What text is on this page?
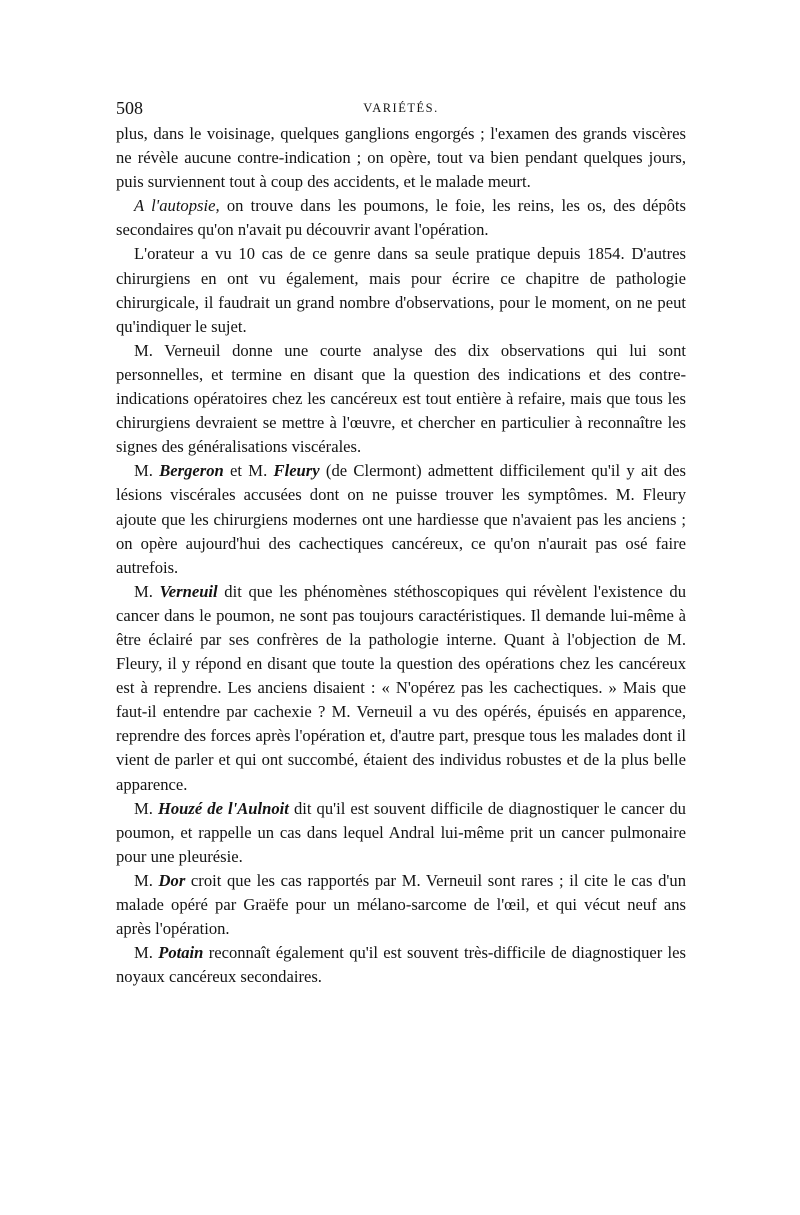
508	VARIÉTÉS.

plus, dans le voisinage, quelques ganglions engorgés ; l'examen des grands viscères ne révèle aucune contre-indication ; on opère, tout va bien pendant quelques jours, puis surviennent tout à coup des accidents, et le malade meurt.

A l'autopsie, on trouve dans les poumons, le foie, les reins, les os, des dépôts secondaires qu'on n'avait pu découvrir avant l'opération.

L'orateur a vu 10 cas de ce genre dans sa seule pratique depuis 1854. D'autres chirurgiens en ont vu également, mais pour écrire ce chapitre de pathologie chirurgicale, il faudrait un grand nombre d'observations, pour le moment, on ne peut qu'indiquer le sujet.

M. Verneuil donne une courte analyse des dix observations qui lui sont personnelles, et termine en disant que la question des indications et des contre-indications opératoires chez les cancéreux est tout entière à refaire, mais que tous les chirurgiens devraient se mettre à l'œuvre, et chercher en particulier à reconnaître les signes des généralisations viscérales.

M. Bergeron et M. Fleury (de Clermont) admettent difficilement qu'il y ait des lésions viscérales accusées dont on ne puisse trouver les symptômes. M. Fleury ajoute que les chirurgiens modernes ont une hardiesse que n'avaient pas les anciens ; on opère aujourd'hui des cachectiques cancéreux, ce qu'on n'aurait pas osé faire autrefois.

M. Verneuil dit que les phénomènes stéthoscopiques qui révèlent l'existence du cancer dans le poumon, ne sont pas toujours caractéristiques. Il demande lui-même à être éclairé par ses confrères de la pathologie interne. Quant à l'objection de M. Fleury, il y répond en disant que toute la question des opérations chez les cancéreux est à reprendre. Les anciens disaient : « N'opérez pas les cachectiques. » Mais que faut-il entendre par cachexie ? M. Verneuil a vu des opérés, épuisés en apparence, reprendre des forces après l'opération et, d'autre part, presque tous les malades dont il vient de parler et qui ont succombé, étaient des individus robustes et de la plus belle apparence.

M. Houzé de l'Aulnoit dit qu'il est souvent difficile de diagnostiquer le cancer du poumon, et rappelle un cas dans lequel Andral lui-même prit un cancer pulmonaire pour une pleurésie.

M. Dor croit que les cas rapportés par M. Verneuil sont rares ; il cite le cas d'un malade opéré par Graëfe pour un mélano-sarcome de l'œil, et qui vécut neuf ans après l'opération.

M. Potain reconnaît également qu'il est souvent très-difficile de diagnostiquer les noyaux cancéreux secondaires.
